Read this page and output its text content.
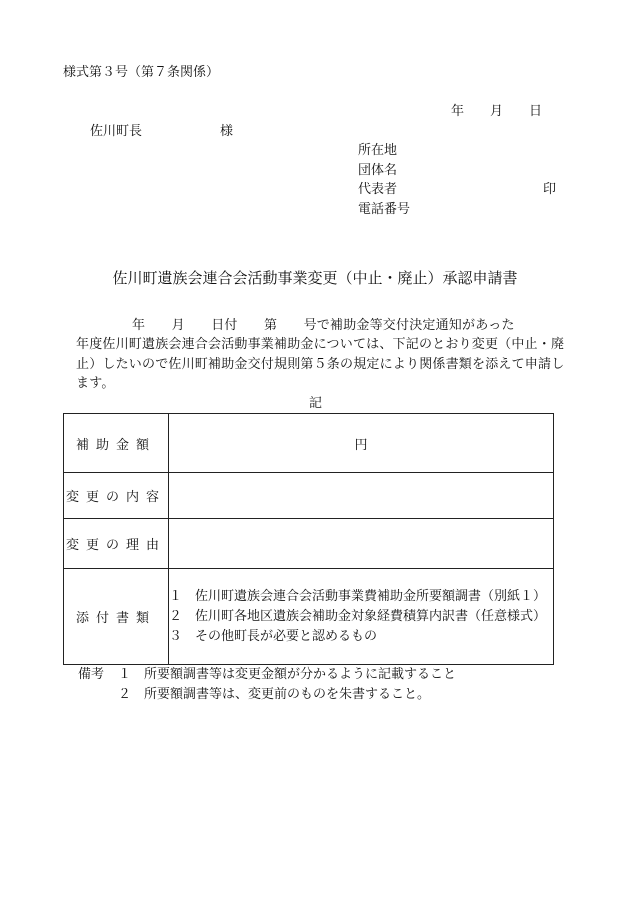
様式第３号（第７条関係）
年　　月　　日
佐川町長　　　　　　様
所在地
団体名
代表者	印
電話番号
佐川町遺族会連合会活動事業変更（中止・廃止）承認申請書
年　　月　　日付　　第　　号で補助金等交付決定通知があった
年度佐川町遺族会連合会活動事業補助金については、下記のとおり変更（中止・廃
止）したいので佐川町補助金交付規則第５条の規定により関係書類を添えて申請し
ます。
記
補助金額	円

変更の内容	
変更の理由	
添付書類	１　佐川町遺族会連合会活動事業費補助金所要額調書（別紙１）
２　佐川町各地区遺族会補助金対象経費積算内訳書（任意様式）
３　その他町長が必要と認めるもの
備考 １　所要額調書等は変更金額が分かるように記載すること
２　所要額調書等は、変更前のものを朱書すること。
